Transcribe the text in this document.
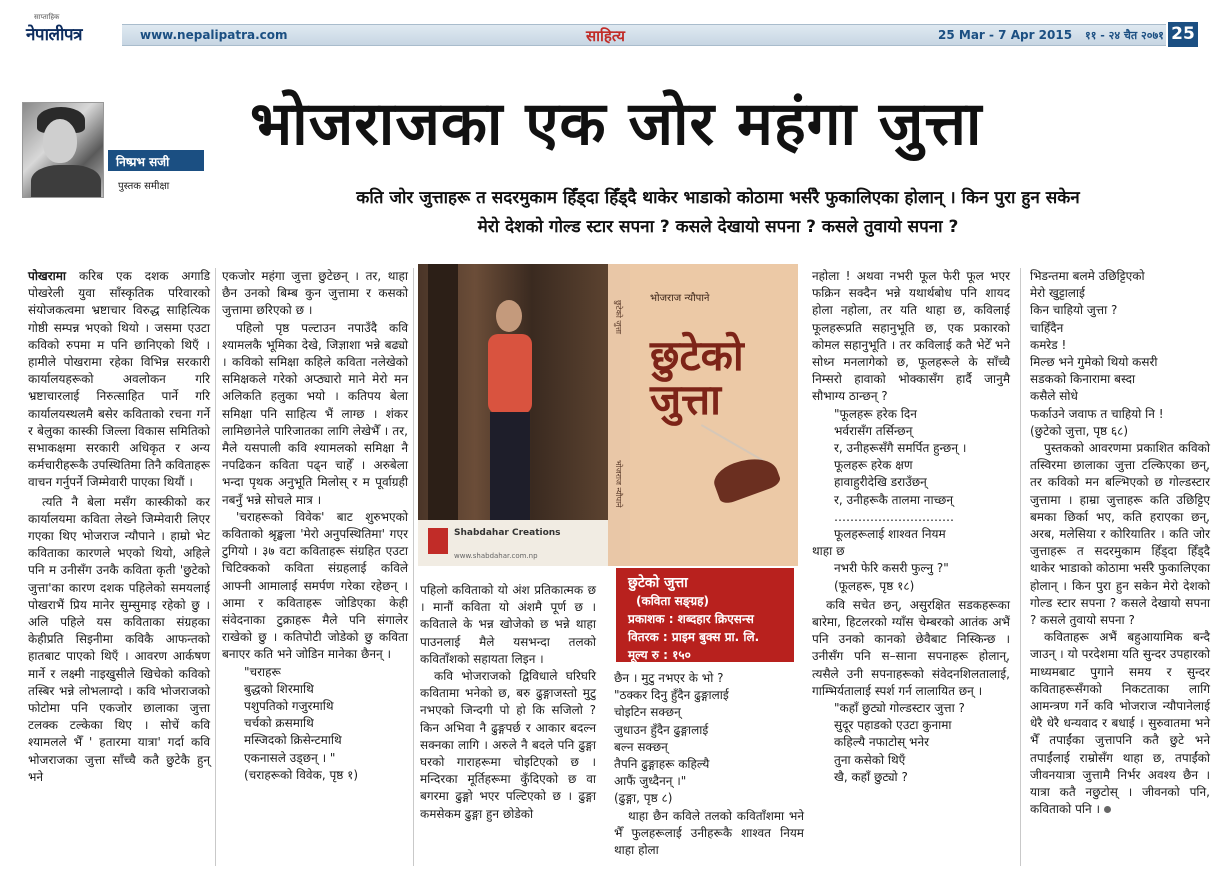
साप्ताहिक
नेपालीपत्र	www.nepalipatra.com	साहित्य	25 Mar - 7 Apr 2015 ११ - २४ चैत २०७१ 25
निष्प्रभ सजी
पुस्तक समीक्षा
भोजराजका एक जोर महंगा जुत्ता
कति जोर जुत्ताहरू त सदरमुकाम हिँड्दा हिँड्दै थाकेर भाडाको कोठामा भर्सरै फुकालिएका होलान् । किन पुरा हुन सकेन
मेरो देशको गोल्ड स्टार सपना ? कसले देखायो सपना ? कसले तुवायो सपना ?

पोखरामा करिब एक दशक अगाडि पोखरेली युवा साँस्कृतिक परिवारको संयोजकत्वमा भ्रष्टाचार विरुद्ध साहित्यिक गोष्ठी सम्पन्न भएको थियो । जसमा एउटा कविको रुपमा म पनि छानिएको थिएँ । हामीले पोखरामा रहेका विभिन्न सरकारी कार्यालयहरूको अवलोकन गरि भ्रष्टाचारलाई निरुत्साहित पार्ने गरि कार्यालयस्थलमै बसेर कविताको रचना गर्ने र बेलुका कास्की जिल्ला विकास समितिको सभाकक्षमा सरकारी अधिकृत र अन्य कर्मचारीहरूकै उपस्थितिमा तिनै कविताहरू वाचन गर्नुपर्ने जिम्मेवारी पाएका थियौं ।

त्यति नै बेला मसँग कास्कीको कर कार्यालयमा कविता लेख्ने जिम्मेवारी लिएर गएका थिए भोजराज न्यौपाने । हाम्रो भेट कविताका कारणले भएको थियो, अहिले पनि म उनीसँग उनकै कविता कृती 'छुटेको जुत्ता'का कारण दशक पहिलेको समयलाई पोखराभैं प्रिय मानेर सुम्सुमाइ रहेको छु । अलि पहिले यस कविताका संग्रहका केहीप्रति सिइनीमा कविकै आफन्तको हातबाट पाएको थिएँ । आवरण आर्कषण मार्ने र लक्ष्मी नाइखुसीले खिचेको कविको तस्बिर भन्ने लोभलाग्दो । कवि भोजराजको फोटोमा पनि एकजोर छालाका जुत्ता टलक्क टल्केका थिए । सोचें कवि श्यामलले भैँ ' हतारमा यात्रा' गर्दा कवि भोजराजका जुत्ता साँच्चै कतै छुटेकै हुन् भने

एकजोर महंगा जुत्ता छुटेछन् । तर, थाहा छैन उनको बिम्ब कुन जुत्तामा र कसको जुत्तामा छरिएको छ ।

पहिलो पृष्ठ पल्टाउन नपाउँदै कवि श्यामलकै भूमिका देखे, जिज्ञाशा भन्ने बढ्यो । कविको समिक्षा कहिले कविता नलेखेको समिक्षकले गरेको अप्ठ्यारो माने मेरो मन अलिकति हलुका भयो । कतिपय बेला समिक्षा पनि साहित्य भैं लाग्छ । शंकर लामिछानेले पारिजातका लागि लेखेभैँ । तर, मैले यसपाली कवि श्यामलको समिक्षा नै नपढिकन कविता पढ्न चाहेँ । अरुबेला भन्दा पृथक अनुभूति मिलोस् र म पूर्वाग्रही नबनुँ भन्ने सोचले मात्र ।

'चराहरूको विवेक' बाट शुरुभएको कविताको श्रृङ्खला 'मेरो अनुपस्थितिमा' गएर टुगियो । ३७ वटा कविताहरू संग्रहित एउटा चिटिक्कको कविता संग्रहलाई कविले आफ्नी आमालाई समर्पण गरेका रहेछन् । आमा र कविताहरू जोडिएका केही संवेदनाका टुक्राहरू मैले पनि संगालेर राखेको छु । कतिपोटी जोडेको छु कविता बनाएर कति भने जोडिन मानेका छैनन् ।

"चराहरू
बुद्धको शिरमाथि
पशुपतिको गजुरमाथि
चर्चको क्रसमाथि
मस्जिदको क्रिसेन्टमाथि
एकनासले उड्छन् । "
(चराहरूको विवेक, पृष्ठ १)
Shabdahar Creations
www.shabdahar.com.np
छुटेको जुत्ता
भोजराज न्यौपाने
भोजराज न्यौपाने
छुटेको जुत्ता
छुटेको जुत्ता
(कविता सङ्ग्रह)
प्रकाशक : शब्दहार क्रिएसन्स
वितरक : प्राइम बुक्स प्रा. लि.
मूल्य रु : १५०

पहिलो कविताको यो अंश प्रतिकात्मक छ । मानौं कविता यो अंशमै पूर्ण छ । कविताले के भन्न खोजेको छ भन्ने थाहा पाउनलाई मैले यसभन्दा तलको कविताँशको सहायता लिइन ।

कवि भोजराजको द्विविधाले घरिघरि कवितामा भनेको छ, बरु ढुङ्गाजस्तो मुटु नभएको जिन्दगी पो हो कि सजिलो ? किन अभिवा नै ढुङ्गपर्छ र आकार बदल्न सक्नका लागि । अरुले नै बदले पनि ढुङ्गा घरको गाराहरूमा चोइटिएको छ । मन्दिरका मूर्तिहरूमा कुँदिएको छ वा बगरमा ढुङ्गो भएर पल्टिएको छ । ढुङ्गा कमसेकम ढुङ्गा हुन छोडेको

छैन । मुटु नभएर के भो ?

"ठक्कर दिनु हुँदैन ढुङ्गालाई
चोइटिन सक्छन्
जुधाउन हुँदैन ढुङ्गालाई
बल्न सक्छन्
तैपनि ढुङ्गाहरू कहिल्यै
आफैं जुध्दैनन् ।"
(ढुङ्गा, पृष्ठ ८)

थाहा छैन कविले तलको कविताँशमा भने भैँ फुलहरूलाई उनीहरूकै शाश्वत नियम थाहा होला

नहोला ! अथवा नभरी फूल फेरी फूल भएर फक्रिन सक्दैन भन्ने यथार्थबोध पनि शायद होला नहोला, तर यति थाहा छ, कविलाई फूलहरूप्रति सहानुभूति छ, एक प्रकारको कोमल सहानुभूति । तर कविलाई कतै भेटेँ भने सोध्न मनलागेको छ, फूलहरूले के साँच्चै निम्सरो हावाको भोक्कासँग हार्दै जानुमै सौभाग्य ठान्छन् ?

"फूलहरू हरेक दिन
भर्वरासँग तर्सिन्छन्
र, उनीहरूसँगै समर्पित हुन्छन् ।
फूलहरू हरेक क्षण
हावाहुरीदेखि डराउँछन्
र, उनीहरूकै तालमा नाच्छन्
…………………………
फूलहरूलाई शाश्वत नियम

थाहा छ

नभरी फेरि कसरी फुल्नु ?"
(फूलहरू, पृष्ठ १८)

कवि सचेत छन्, असुरक्षित सडकहरूका बारेमा, हिटलरको ग्याँस चेम्बरको आतंक अभैं पनि उनको कानको छेवैबाट निस्किन्छ । उनीसँग पनि स–साना सपनाहरू होलान्, त्यसैले उनी सपनाहरूको संवेदनशिलतालाई, गाम्भिर्यतालाई स्पर्श गर्न लालायित छन् ।

"कहाँ छुट्यो गोल्डस्टार जुत्ता ?
सुदूर पहाडको एउटा कुनामा
कहिल्यै नफाटोस् भनेर
तुना कसेको थिएँ
खै, कहाँ छुट्यो ?
भिडन्तमा बलमे उछिट्टिएको
मेरो खुट्टालाई
किन चाहियो जुत्ता ?
चाहिँदैन
कमरेड !
मिल्छ भने गुमेको थियो कसरी
सडकको किनारामा बस्दा
कसैले सोधे
फर्काउने जवाफ त चाहियो नि !
(छुटेको जुत्ता, पृष्ठ ६८)

पुस्तकको आवरणमा प्रकाशित कविको तस्विरमा छालाका जुत्ता टल्किएका छन्, तर कविको मन बल्भिएको छ गोल्डस्टार जुत्तामा । हाम्रा जुत्ताहरू कति उछिट्टिए बमका छिर्का भए, कति हराएका छन्, अरब, मलेसिया र कोरियातिर । कति जोर जुत्ताहरू त सदरमुकाम हिँड्दा हिँड्दै थाकेर भाडाको कोठामा भर्सरै फुकालिएका होलान् । किन पुरा हुन सकेन मेरो देशको गोल्ड स्टार सपना ? कसले देखायो सपना ? कसले तुवायो सपना ?

कविताहरू अभैं बहुआयामिक बन्दै जाउन् । यो परदेशमा यति सुन्दर उपहारको माध्यमबाट पुगाने समय र सुन्दर कविताहरूसँगको निकटताका लागि आमन्त्रण गर्ने कवि भोजराज न्यौपानेलाई धेरै धेरै धन्यवाद र बधाई । सुरुवातमा भने भैँ तपाईंका जुत्तापनि कतै छुटे भने तपाईंलाई राम्रोसँग थाहा छ, तपाईंको जीवनयात्रा जुत्तामै निर्भर अवश्य छैन । यात्रा कतै नछुटोस् । जीवनको पनि, कविताको पनि ।
